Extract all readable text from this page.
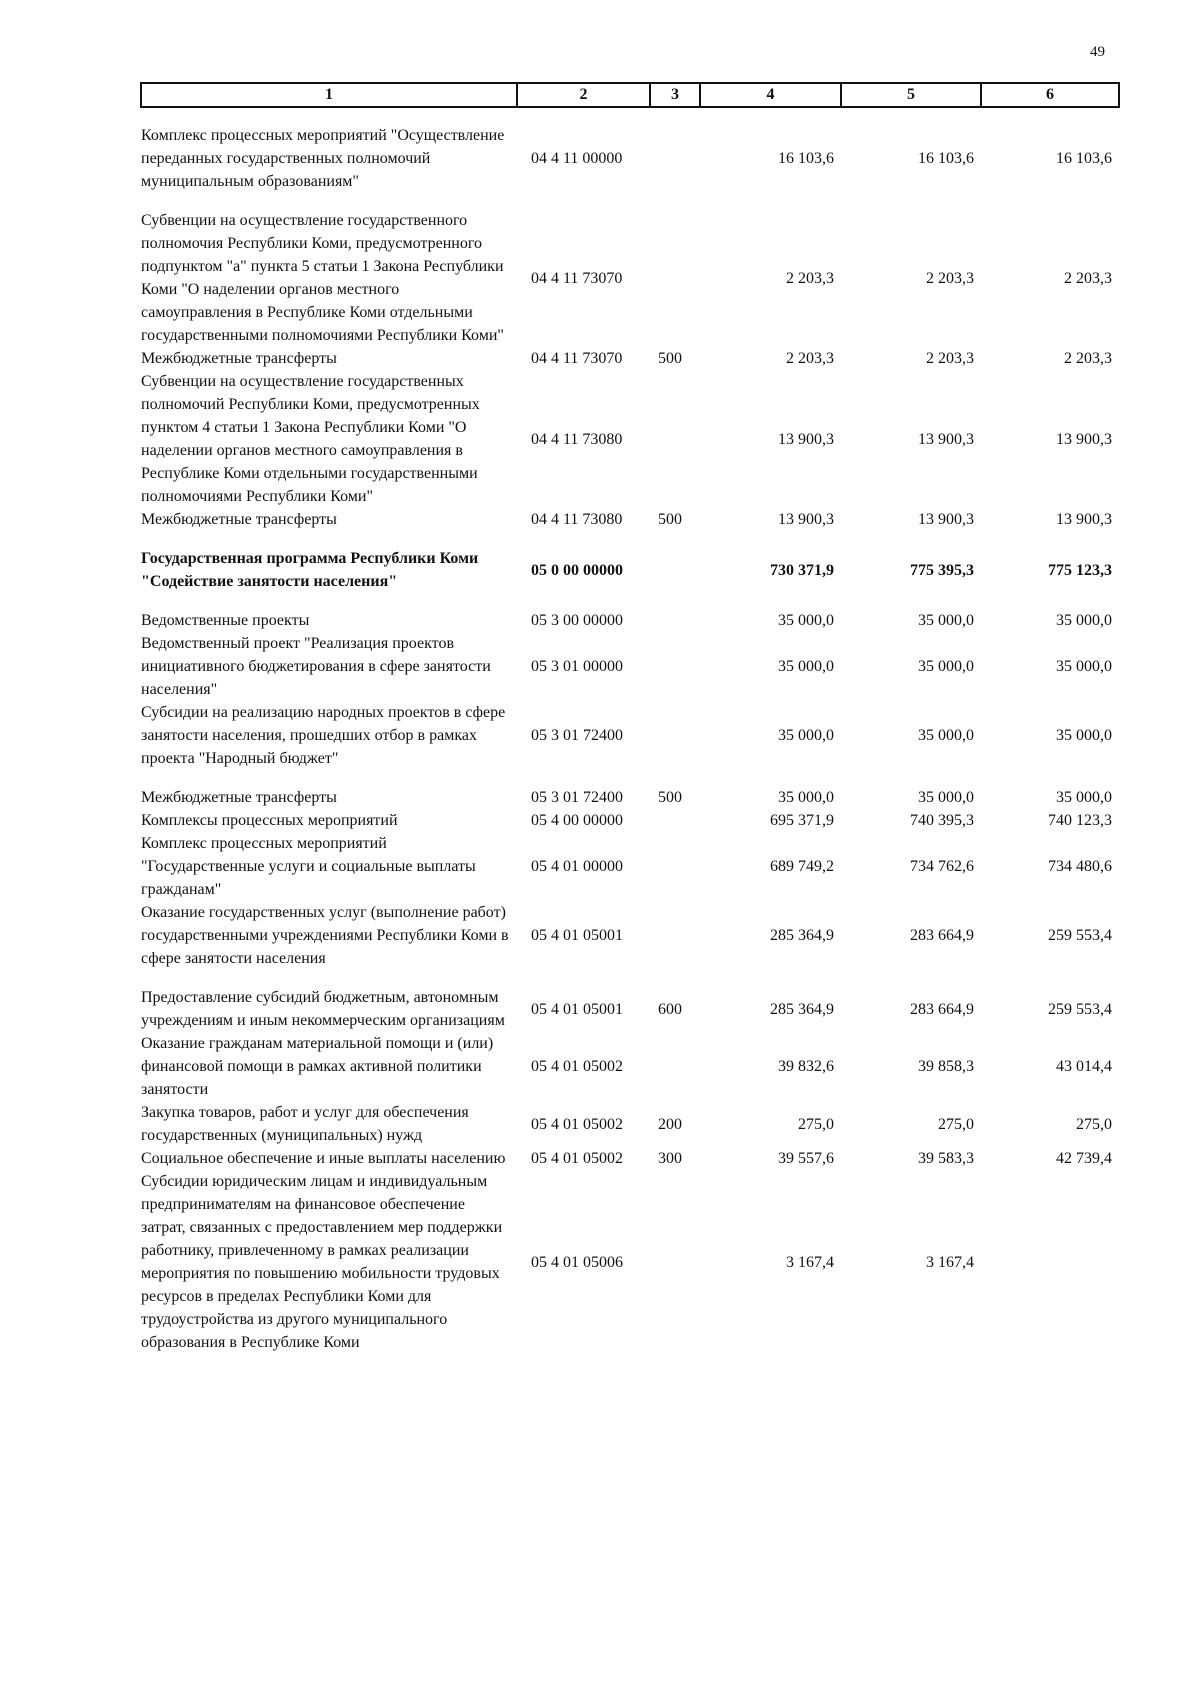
49
1	2	3	4	5	6
Комплекс процессных мероприятий "Осуществление переданных государственных полномочий муниципальным образованиям"	04 4 11 00000		16 103,6	16 103,6	16 103,6
Субвенции на осуществление государственного полномочия Республики Коми, предусмотренного подпунктом "а" пункта 5 статьи 1 Закона Республики Коми "О наделении органов местного самоуправления в Республике Коми отдельными государственными полномочиями Республики Коми"	04 4 11 73070		2 203,3	2 203,3	2 203,3
Межбюджетные трансферты	04 4 11 73070	500	2 203,3	2 203,3	2 203,3
Субвенции на осуществление государственных полномочий Республики Коми, предусмотренных пунктом 4 статьи 1 Закона Республики Коми "О наделении органов местного самоуправления в Республике Коми отдельными государственными полномочиями Республики Коми"	04 4 11 73080		13 900,3	13 900,3	13 900,3
Межбюджетные трансферты	04 4 11 73080	500	13 900,3	13 900,3	13 900,3
Государственная программа Республики Коми "Содействие занятости населения"	05 0 00 00000		730 371,9	775 395,3	775 123,3
Ведомственные проекты	05 3 00 00000		35 000,0	35 000,0	35 000,0
Ведомственный проект "Реализация проектов инициативного бюджетирования в сфере занятости населения"	05 3 01 00000		35 000,0	35 000,0	35 000,0
Субсидии на реализацию народных проектов в сфере занятости населения, прошедших отбор в рамках проекта "Народный бюджет"	05 3 01 72400		35 000,0	35 000,0	35 000,0
Межбюджетные трансферты	05 3 01 72400	500	35 000,0	35 000,0	35 000,0
Комплексы процессных мероприятий	05 4 00 00000		695 371,9	740 395,3	740 123,3
Комплекс процессных мероприятий "Государственные услуги и социальные выплаты гражданам"	05 4 01 00000		689 749,2	734 762,6	734 480,6
Оказание государственных услуг (выполнение работ) государственными учреждениями Республики Коми в сфере занятости населения	05 4 01 05001		285 364,9	283 664,9	259 553,4
Предоставление субсидий бюджетным, автономным учреждениям и иным некоммерческим организациям	05 4 01 05001	600	285 364,9	283 664,9	259 553,4
Оказание гражданам материальной помощи и (или) финансовой помощи в рамках активной политики занятости	05 4 01 05002		39 832,6	39 858,3	43 014,4
Закупка товаров, работ и услуг для обеспечения государственных (муниципальных) нужд	05 4 01 05002	200	275,0	275,0	275,0
Социальное обеспечение и иные выплаты населению	05 4 01 05002	300	39 557,6	39 583,3	42 739,4
Субсидии юридическим лицам и индивидуальным предпринимателям на финансовое обеспечение затрат, связанных с предоставлением мер поддержки работнику, привлеченному в рамках реализации мероприятия по повышению мобильности трудовых ресурсов в пределах Республики Коми для трудоустройства из другого муниципального образования в Республике Коми	05 4 01 05006		3 167,4	3 167,4	
